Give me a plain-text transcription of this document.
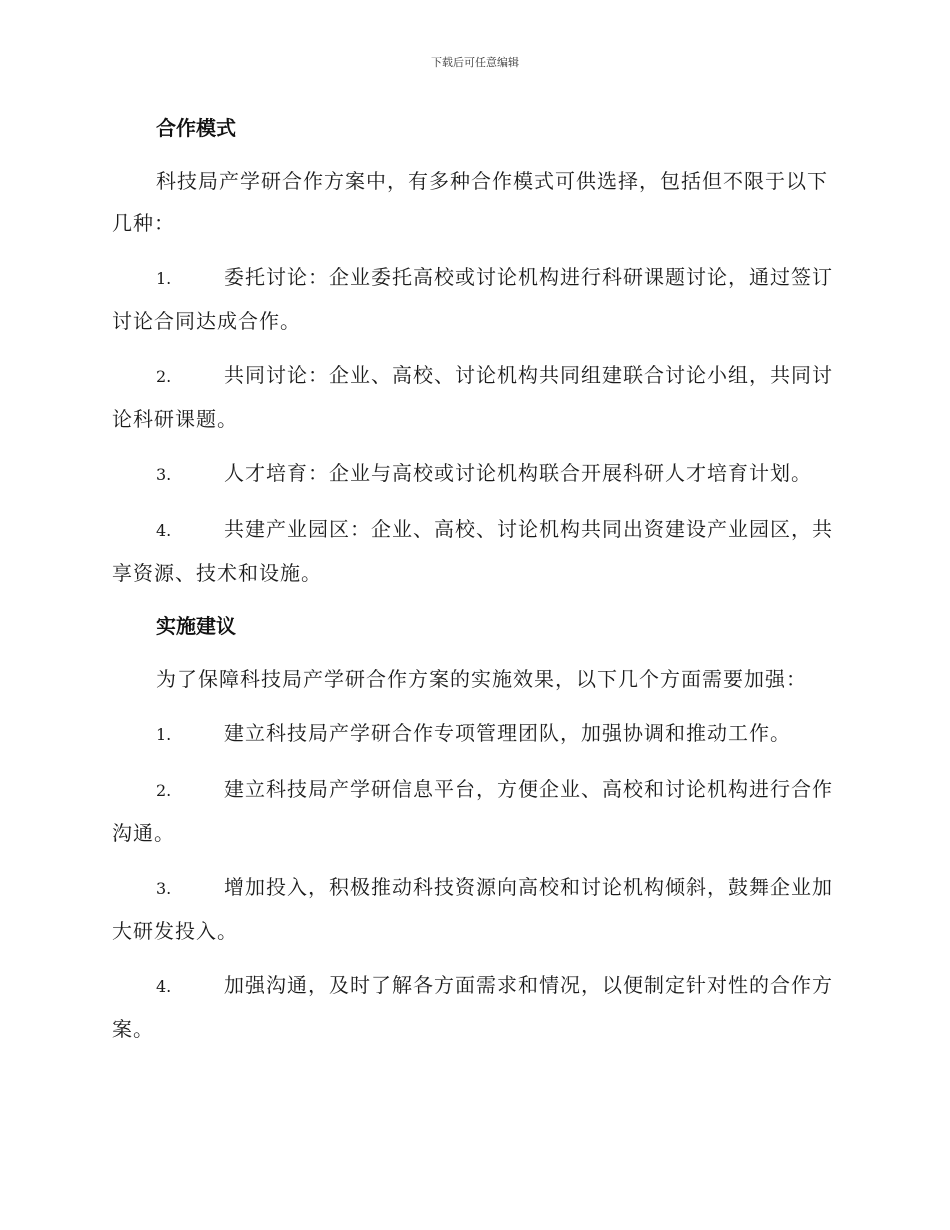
下载后可任意编辑

合作模式

科技局产学研合作方案中，有多种合作模式可供选择，包括但不限于以下几种：

1.	委托讨论：企业委托高校或讨论机构进行科研课题讨论，通过签订讨论合同达成合作。

2.	共同讨论：企业、高校、讨论机构共同组建联合讨论小组，共同讨论科研课题。

3.	人才培育：企业与高校或讨论机构联合开展科研人才培育计划。

4.	共建产业园区：企业、高校、讨论机构共同出资建设产业园区，共享资源、技术和设施。

实施建议

为了保障科技局产学研合作方案的实施效果，以下几个方面需要加强：

1.	建立科技局产学研合作专项管理团队，加强协调和推动工作。

2.	建立科技局产学研信息平台，方便企业、高校和讨论机构进行合作沟通。

3.	增加投入，积极推动科技资源向高校和讨论机构倾斜，鼓舞企业加大研发投入。

4.	加强沟通，及时了解各方面需求和情况，以便制定针对性的合作方案。
